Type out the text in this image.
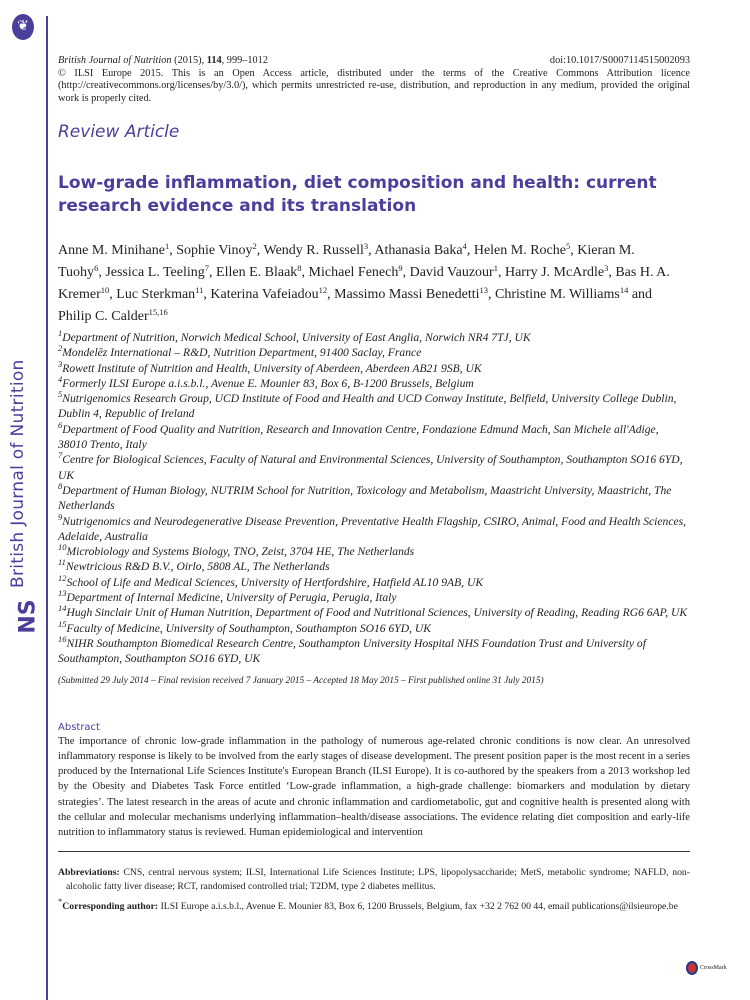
❦
British Journal of Nutrition
NS
British Journal of Nutrition (2015), 114, 999–1012	doi:10.1017/S0007114515002093
© ILSI Europe 2015. This is an Open Access article, distributed under the terms of the Creative Commons Attribution licence (http://creativecommons.org/licenses/by/3.0/), which permits unrestricted re-use, distribution, and reproduction in any medium, provided the original work is properly cited.
Review Article
Low-grade inflammation, diet composition and health: current research evidence and its translation
Anne M. Minihane$^1$, Sophie Vinoy$^2$, Wendy R. Russell$^3$, Athanasia Baka$^4$, Helen M. Roche$^5$, Kieran M. Tuohy$^6$, Jessica L. Teeling$^7$, Ellen E. Blaak$^8$, Michael Fenech$^9$, David Vauzour$^1$, Harry J. McArdle$^3$, Bas H. A. Kremer$^{10}$, Luc Sterkman$^{11}$, Katerina Vafeiadou$^{12}$, Massimo Massi Benedetti$^{13}$, Christine M. Williams$^{14}$ and Philip C. Calder$^{15,16}$

$^1$Department of Nutrition, Norwich Medical School, University of East Anglia, Norwich NR4 7TJ, UK

$^2$Mondelēz International – R&D, Nutrition Department, 91400 Saclay, France

$^3$Rowett Institute of Nutrition and Health, University of Aberdeen, Aberdeen AB21 9SB, UK

$^4$Formerly ILSI Europe a.i.s.b.l., Avenue E. Mounier 83, Box 6, B-1200 Brussels, Belgium

$^5$Nutrigenomics Research Group, UCD Institute of Food and Health and UCD Conway Institute, Belfield, University College Dublin, Dublin 4, Republic of Ireland

$^6$Department of Food Quality and Nutrition, Research and Innovation Centre, Fondazione Edmund Mach, San Michele all'Adige, 38010 Trento, Italy

$^7$Centre for Biological Sciences, Faculty of Natural and Environmental Sciences, University of Southampton, Southampton SO16 6YD, UK

$^8$Department of Human Biology, NUTRIM School for Nutrition, Toxicology and Metabolism, Maastricht University, Maastricht, The Netherlands

$^9$Nutrigenomics and Neurodegenerative Disease Prevention, Preventative Health Flagship, CSIRO, Animal, Food and Health Sciences, Adelaide, Australia

$^{10}$Microbiology and Systems Biology, TNO, Zeist, 3704 HE, The Netherlands

$^{11}$Newtricious R&D B.V., Oirlo, 5808 AL, The Netherlands

$^{12}$School of Life and Medical Sciences, University of Hertfordshire, Hatfield AL10 9AB, UK

$^{13}$Department of Internal Medicine, University of Perugia, Perugia, Italy

$^{14}$Hugh Sinclair Unit of Human Nutrition, Department of Food and Nutritional Sciences, University of Reading, Reading RG6 6AP, UK

$^{15}$Faculty of Medicine, University of Southampton, Southampton SO16 6YD, UK

$^{16}$NIHR Southampton Biomedical Research Centre, Southampton University Hospital NHS Foundation Trust and University of Southampton, Southampton SO16 6YD, UK

(Submitted 29 July 2014 – Final revision received 7 January 2015 – Accepted 18 May 2015 – First published online 31 July 2015)
Abstract
The importance of chronic low-grade inflammation in the pathology of numerous age-related chronic conditions is now clear. An unresolved inflammatory response is likely to be involved from the early stages of disease development. The present position paper is the most recent in a series produced by the International Life Sciences Institute's European Branch (ILSI Europe). It is co-authored by the speakers from a 2013 workshop led by the Obesity and Diabetes Task Force entitled ‘Low-grade inflammation, a high-grade challenge: biomarkers and modulation by dietary strategies’. The latest research in the areas of acute and chronic inflammation and cardiometabolic, gut and cognitive health is presented along with the cellular and molecular mechanisms underlying inflammation–health/disease associations. The evidence relating diet composition and early-life nutrition to inflammatory status is reviewed. Human epidemiological and intervention
Abbreviations: CNS, central nervous system; ILSI, International Life Sciences Institute; LPS, lipopolysaccharide; MetS, metabolic syndrome; NAFLD, non-alcoholic fatty liver disease; RCT, randomised controlled trial; T2DM, type 2 diabetes mellitus.
*Corresponding author: ILSI Europe a.i.s.b.l., Avenue E. Mounier 83, Box 6, 1200 Brussels, Belgium, fax +32 2 762 00 44, email publications@ilsieurope.be
CrossMark
